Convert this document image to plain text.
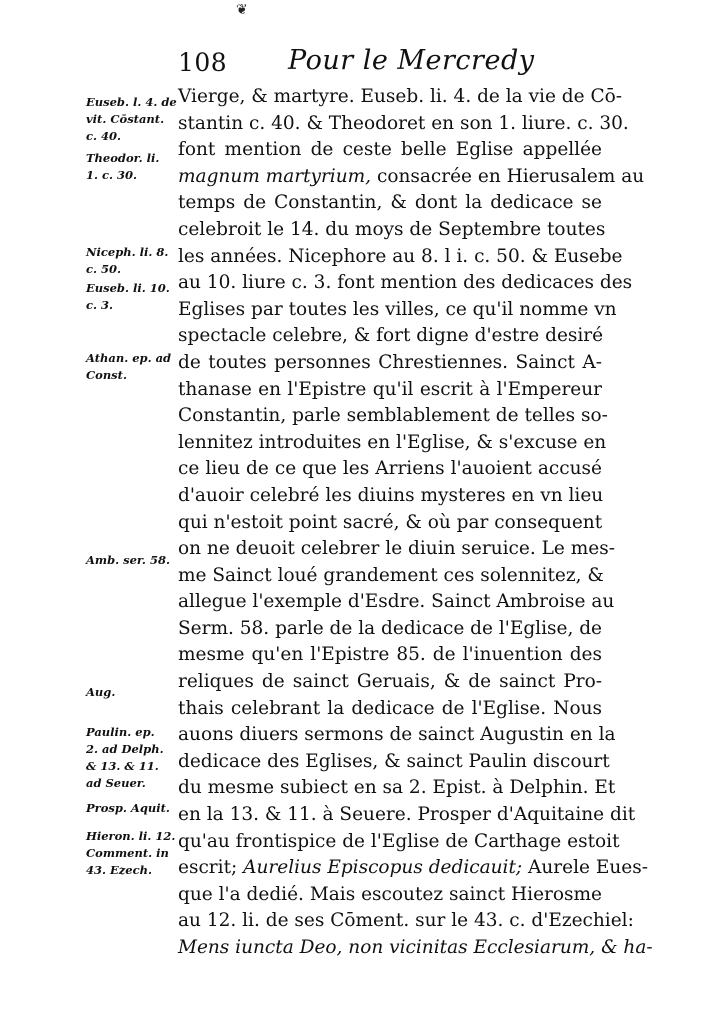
❦
108 Pour le Mercredy
Vierge, & martyre. Euseb. li. 4. de la vie de Cō-
stantin c. 40. & Theodoret en son 1. liure. c. 30.
font mention de ceste belle Eglise appellée
magnum martyrium, consacrée en Hierusalem au
temps de Constantin, & dont la dedicace se
celebroit le 14. du moys de Septembre toutes
les années. Nicephore au 8. l i. c. 50. & Eusebe
au 10. liure c. 3. font mention des dedicaces des
Eglises par toutes les villes, ce qu'il nomme vn
spectacle celebre, & fort digne d'estre desiré
de toutes personnes Chrestiennes. Sainct A-
thanase en l'Epistre qu'il escrit à l'Empereur
Constantin, parle semblablement de telles so-
lennitez introduites en l'Eglise, & s'excuse en
ce lieu de ce que les Arriens l'auoient accusé
d'auoir celebré les diuins mysteres en vn lieu
qui n'estoit point sacré, & où par consequent
on ne deuoit celebrer le diuin seruice. Le mes-
me Sainct loué grandement ces solennitez, &
allegue l'exemple d'Esdre. Sainct Ambroise au
Serm. 58. parle de la dedicace de l'Eglise, de
mesme qu'en l'Epistre 85. de l'inuention des
reliques de sainct Geruais, & de sainct Pro-
thais celebrant la dedicace de l'Eglise. Nous
auons diuers sermons de sainct Augustin en la
dedicace des Eglises, & sainct Paulin discourt
du mesme subiect en sa 2. Epist. à Delphin. Et
en la 13. & 11. à Seuere. Prosper d'Aquitaine dit
qu'au frontispice de l'Eglise de Carthage estoit
escrit; Aurelius Episcopus dedicauit; Aurele Eues-
que l'a dedié. Mais escoutez sainct Hierosme
au 12. li. de ses Cōment. sur le 43. c. d'Ezechiel:
Mens iuncta Deo, non vicinitas Ecclesiarum, & ha-
Euseb. l. 4. de
vit. Cōstant.
c. 40.
Theodor. li.
1. c. 30.
Niceph. li. 8.
c. 50.
Euseb. li. 10.
c. 3.
Athan. ep. ad
Const.
Amb. ser. 58.
Aug.
Paulin. ep.
2. ad Delph.
& 13. & 11.
ad Seuer.
Prosp. Aquit.
Hieron. li. 12.
Comment. in
43. Ezech.
